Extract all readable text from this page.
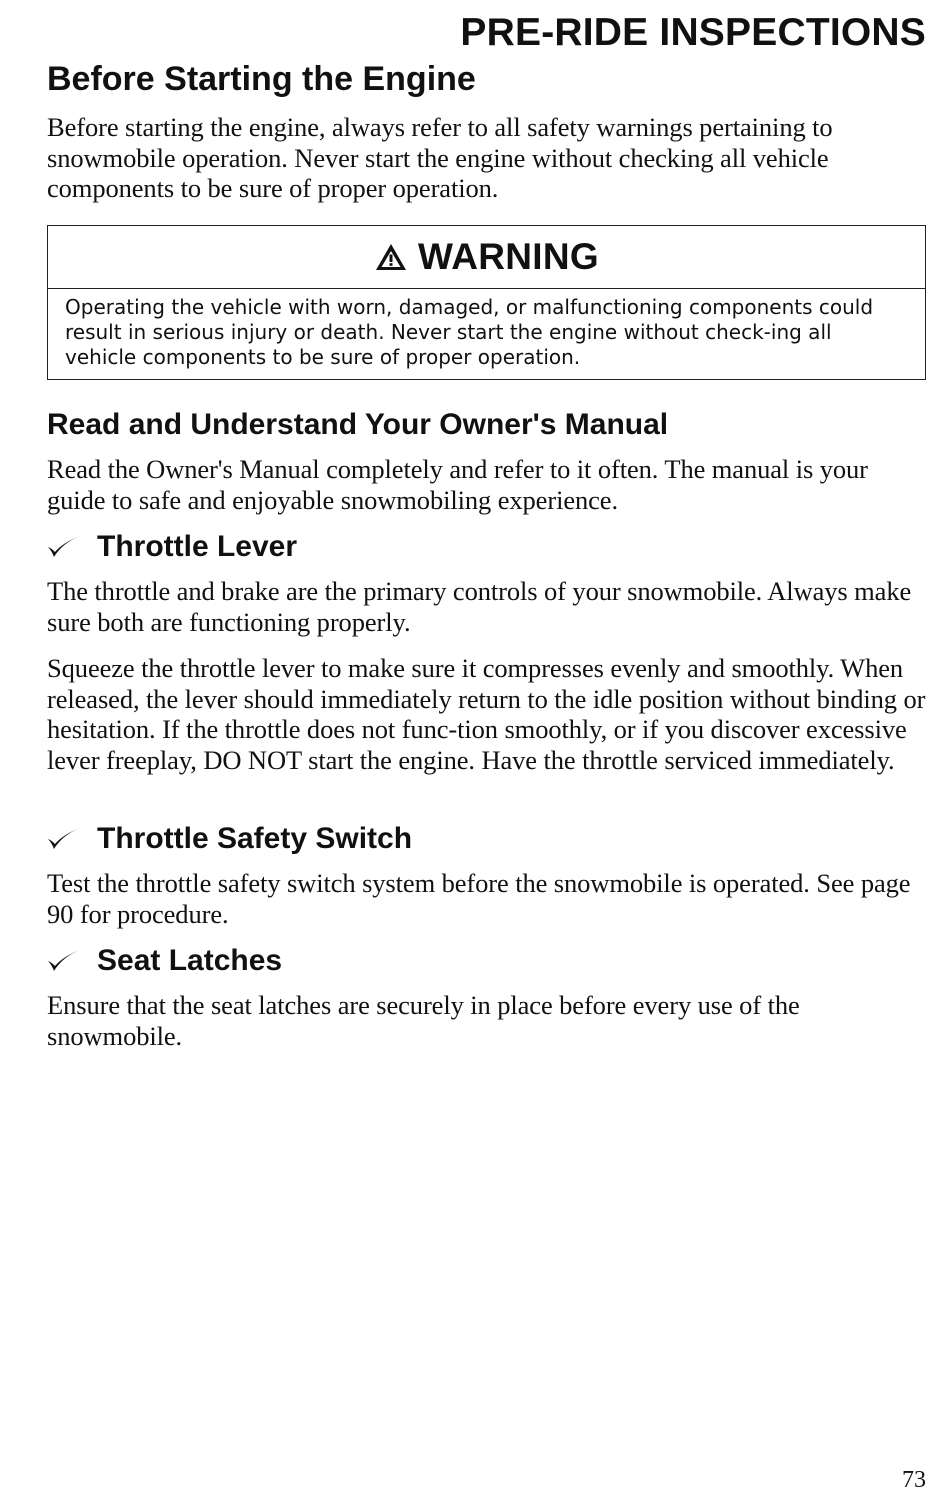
PRE-RIDE INSPECTIONS
Before Starting the Engine

Before starting the engine, always refer to all safety warnings pertaining to snowmobile operation. Never start the engine without checking all vehicle components to be sure of proper operation.

WARNING

Operating the vehicle with worn, damaged, or malfunctioning components could result in serious injury or death. Never start the engine without check-ing all vehicle components to be sure of proper operation.

Read and Understand Your Owner's Manual

Read the Owner's Manual completely and refer to it often. The manual is your guide to safe and enjoyable snowmobiling experience.

Throttle Lever

The throttle and brake are the primary controls of your snowmobile. Always make sure both are functioning properly.

Squeeze the throttle lever to make sure it compresses evenly and smoothly. When released, the lever should immediately return to the idle position without binding or hesitation. If the throttle does not func-tion smoothly, or if you discover excessive lever freeplay, DO NOT start the engine. Have the throttle serviced immediately.

Throttle Safety Switch

Test the throttle safety switch system before the snowmobile is operated. See page 90 for procedure.

Seat Latches

Ensure that the seat latches are securely in place before every use of the snowmobile.

73
